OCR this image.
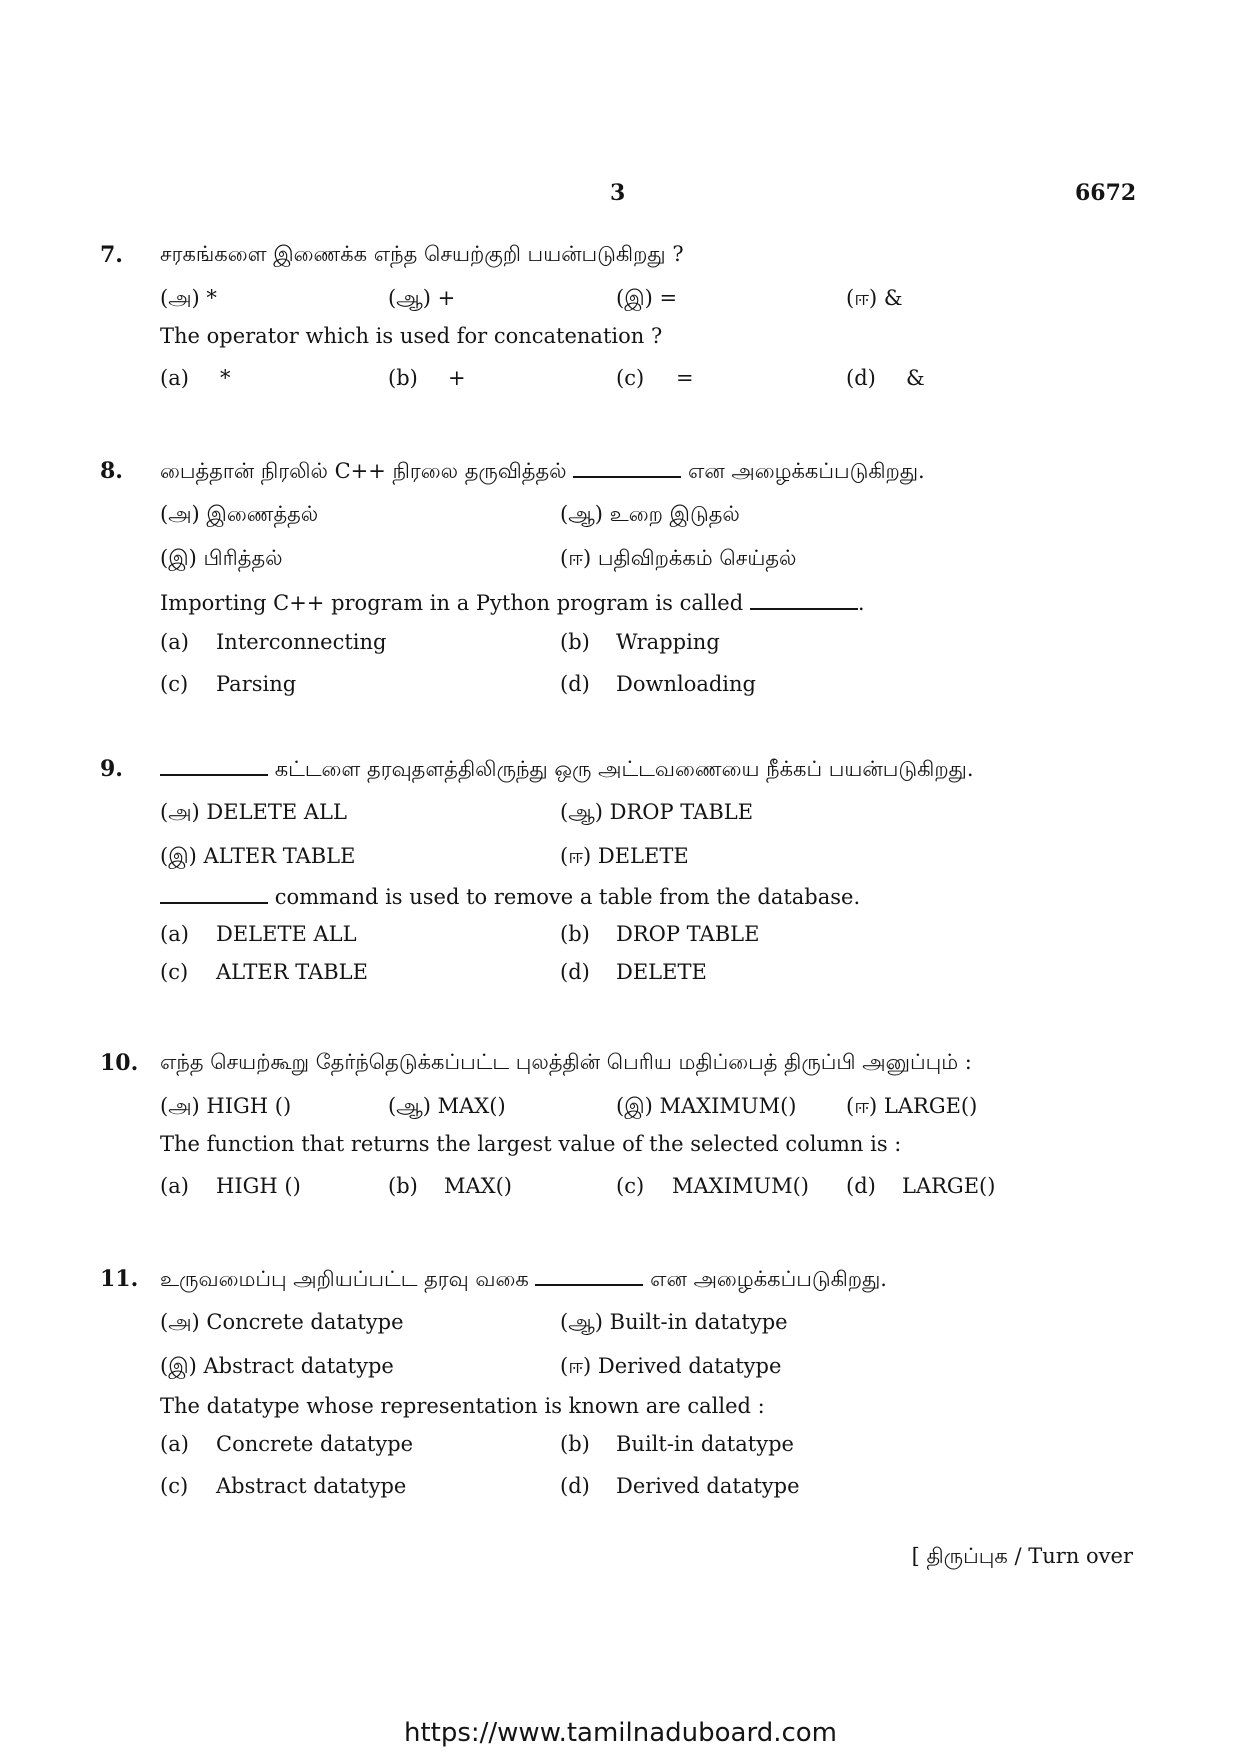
3	6672
7. சரகங்களை இணைக்க எந்த செயற்குறி பயன்படுகிறது ?
(அ) *	(ஆ) +	(இ) =	(ஈ) &
The operator which is used for concatenation ?
(a) *	(b) +	(c) =	(d) &
8. பைத்தான் நிரலில் C++ நிரலை தருவித்தல்	என அழைக்கப்படுகிறது.
(அ) இணைத்தல்	(ஆ) உறை இடுதல்
(இ) பிரித்தல்	(ஈ) பதிவிறக்கம் செய்தல்
Importing C++ program in a Python program is called	.
(a) Interconnecting	(b) Wrapping
(c) Parsing	(d) Downloading
9.	கட்டளை தரவுதளத்திலிருந்து ஒரு அட்டவணையை நீக்கப் பயன்படுகிறது.
(அ) DELETE ALL	(ஆ) DROP TABLE
(இ) ALTER TABLE	(ஈ) DELETE
command is used to remove a table from the database.
(a) DELETE ALL	(b) DROP TABLE
(c) ALTER TABLE	(d) DELETE
10. எந்த செயற்கூறு தேர்ந்தெடுக்கப்பட்ட புலத்தின் பெரிய மதிப்பைத் திருப்பி அனுப்பும் :
(அ) HIGH ()	(ஆ) MAX()	(இ) MAXIMUM() (ஈ) LARGE()
The function that returns the largest value of the selected column is :
(a) HIGH ()	(b) MAX()	(c) MAXIMUM() (d) LARGE()
11. உருவமைப்பு அறியப்பட்ட தரவு வகை	என அழைக்கப்படுகிறது.
(அ) Concrete datatype	(ஆ) Built-in datatype
(இ) Abstract datatype	(ஈ) Derived datatype
The datatype whose representation is known are called :
(a) Concrete datatype	(b) Built-in datatype
(c) Abstract datatype	(d) Derived datatype
[ திருப்புக / Turn over
https://www.tamilnaduboard.com
